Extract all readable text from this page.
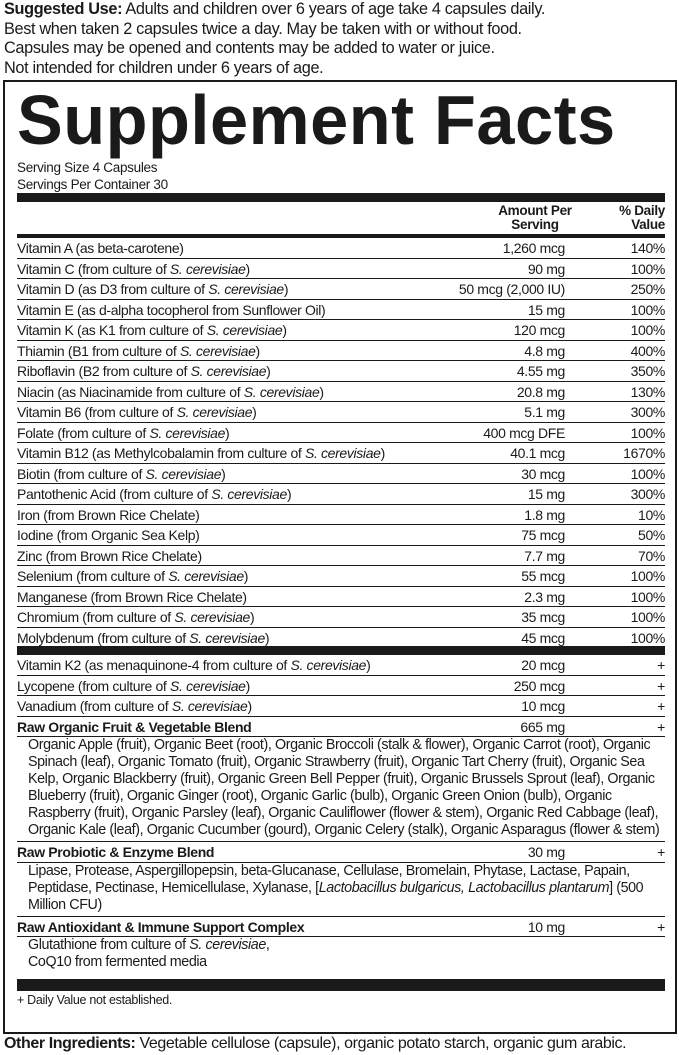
Suggested Use: Adults and children over 6 years of age take 4 capsules daily.
Best when taken 2 capsules twice a day. May be taken with or without food.
Capsules may be opened and contents may be added to water or juice.
Not intended for children under 6 years of age.
Supplement Facts
Serving Size 4 Capsules
Servings Per Container 30
Amount Per Serving
% Daily Value
Vitamin A (as beta-carotene)	1,260 mcg	140%
Vitamin C (from culture of S. cerevisiae)	90 mg	100%
Vitamin D (as D3 from culture of S. cerevisiae)	50 mcg (2,000 IU)	250%
Vitamin E (as d-alpha tocopherol from Sunflower Oil)	15 mg	100%
Vitamin K (as K1 from culture of S. cerevisiae)	120 mcg	100%
Thiamin (B1 from culture of S. cerevisiae)	4.8 mg	400%
Riboflavin (B2 from culture of S. cerevisiae)	4.55 mg	350%
Niacin (as Niacinamide from culture of S. cerevisiae)	20.8 mg	130%
Vitamin B6 (from culture of S. cerevisiae)	5.1 mg	300%
Folate (from culture of S. cerevisiae)	400 mcg DFE	100%
Vitamin B12 (as Methylcobalamin from culture of S. cerevisiae)	40.1 mcg	1670%
Biotin (from culture of S. cerevisiae)	30 mcg	100%
Pantothenic Acid (from culture of S. cerevisiae)	15 mg	300%
Iron (from Brown Rice Chelate)	1.8 mg	10%
Iodine (from Organic Sea Kelp)	75 mcg	50%
Zinc (from Brown Rice Chelate)	7.7 mg	70%
Selenium (from culture of S. cerevisiae)	55 mcg	100%
Manganese (from Brown Rice Chelate)	2.3 mg	100%
Chromium (from culture of S. cerevisiae)	35 mcg	100%
Molybdenum (from culture of S. cerevisiae)	45 mcg	100%
Vitamin K2 (as menaquinone-4 from culture of S. cerevisiae)	20 mcg	+
Lycopene (from culture of S. cerevisiae)	250 mcg	+
Vanadium (from culture of S. cerevisiae)	10 mcg	+
Raw Organic Fruit & Vegetable Blend	665 mg	+
Organic Apple (fruit), Organic Beet (root), Organic Broccoli (stalk & flower), Organic Carrot (root), Organic Spinach (leaf), Organic Tomato (fruit), Organic Strawberry (fruit), Organic Tart Cherry (fruit), Organic Sea Kelp, Organic Blackberry (fruit), Organic Green Bell Pepper (fruit), Organic Brussels Sprout (leaf), Organic Blueberry (fruit), Organic Ginger (root), Organic Garlic (bulb), Organic Green Onion (bulb), Organic Raspberry (fruit), Organic Parsley (leaf), Organic Cauliflower (flower & stem), Organic Red Cabbage (leaf), Organic Kale (leaf), Organic Cucumber (gourd), Organic Celery (stalk), Organic Asparagus (flower & stem)
Raw Probiotic & Enzyme Blend	30 mg	+
Lipase, Protease, Aspergillopepsin, beta-Glucanase, Cellulase, Bromelain, Phytase, Lactase, Papain, Peptidase, Pectinase, Hemicellulase, Xylanase, [Lactobacillus bulgaricus, Lactobacillus plantarum] (500 Million CFU)
Raw Antioxidant & Immune Support Complex	10 mg	+
Glutathione from culture of S. cerevisiae,
CoQ10 from fermented media
+ Daily Value not established.
Other Ingredients: Vegetable cellulose (capsule), organic potato starch, organic gum arabic.
